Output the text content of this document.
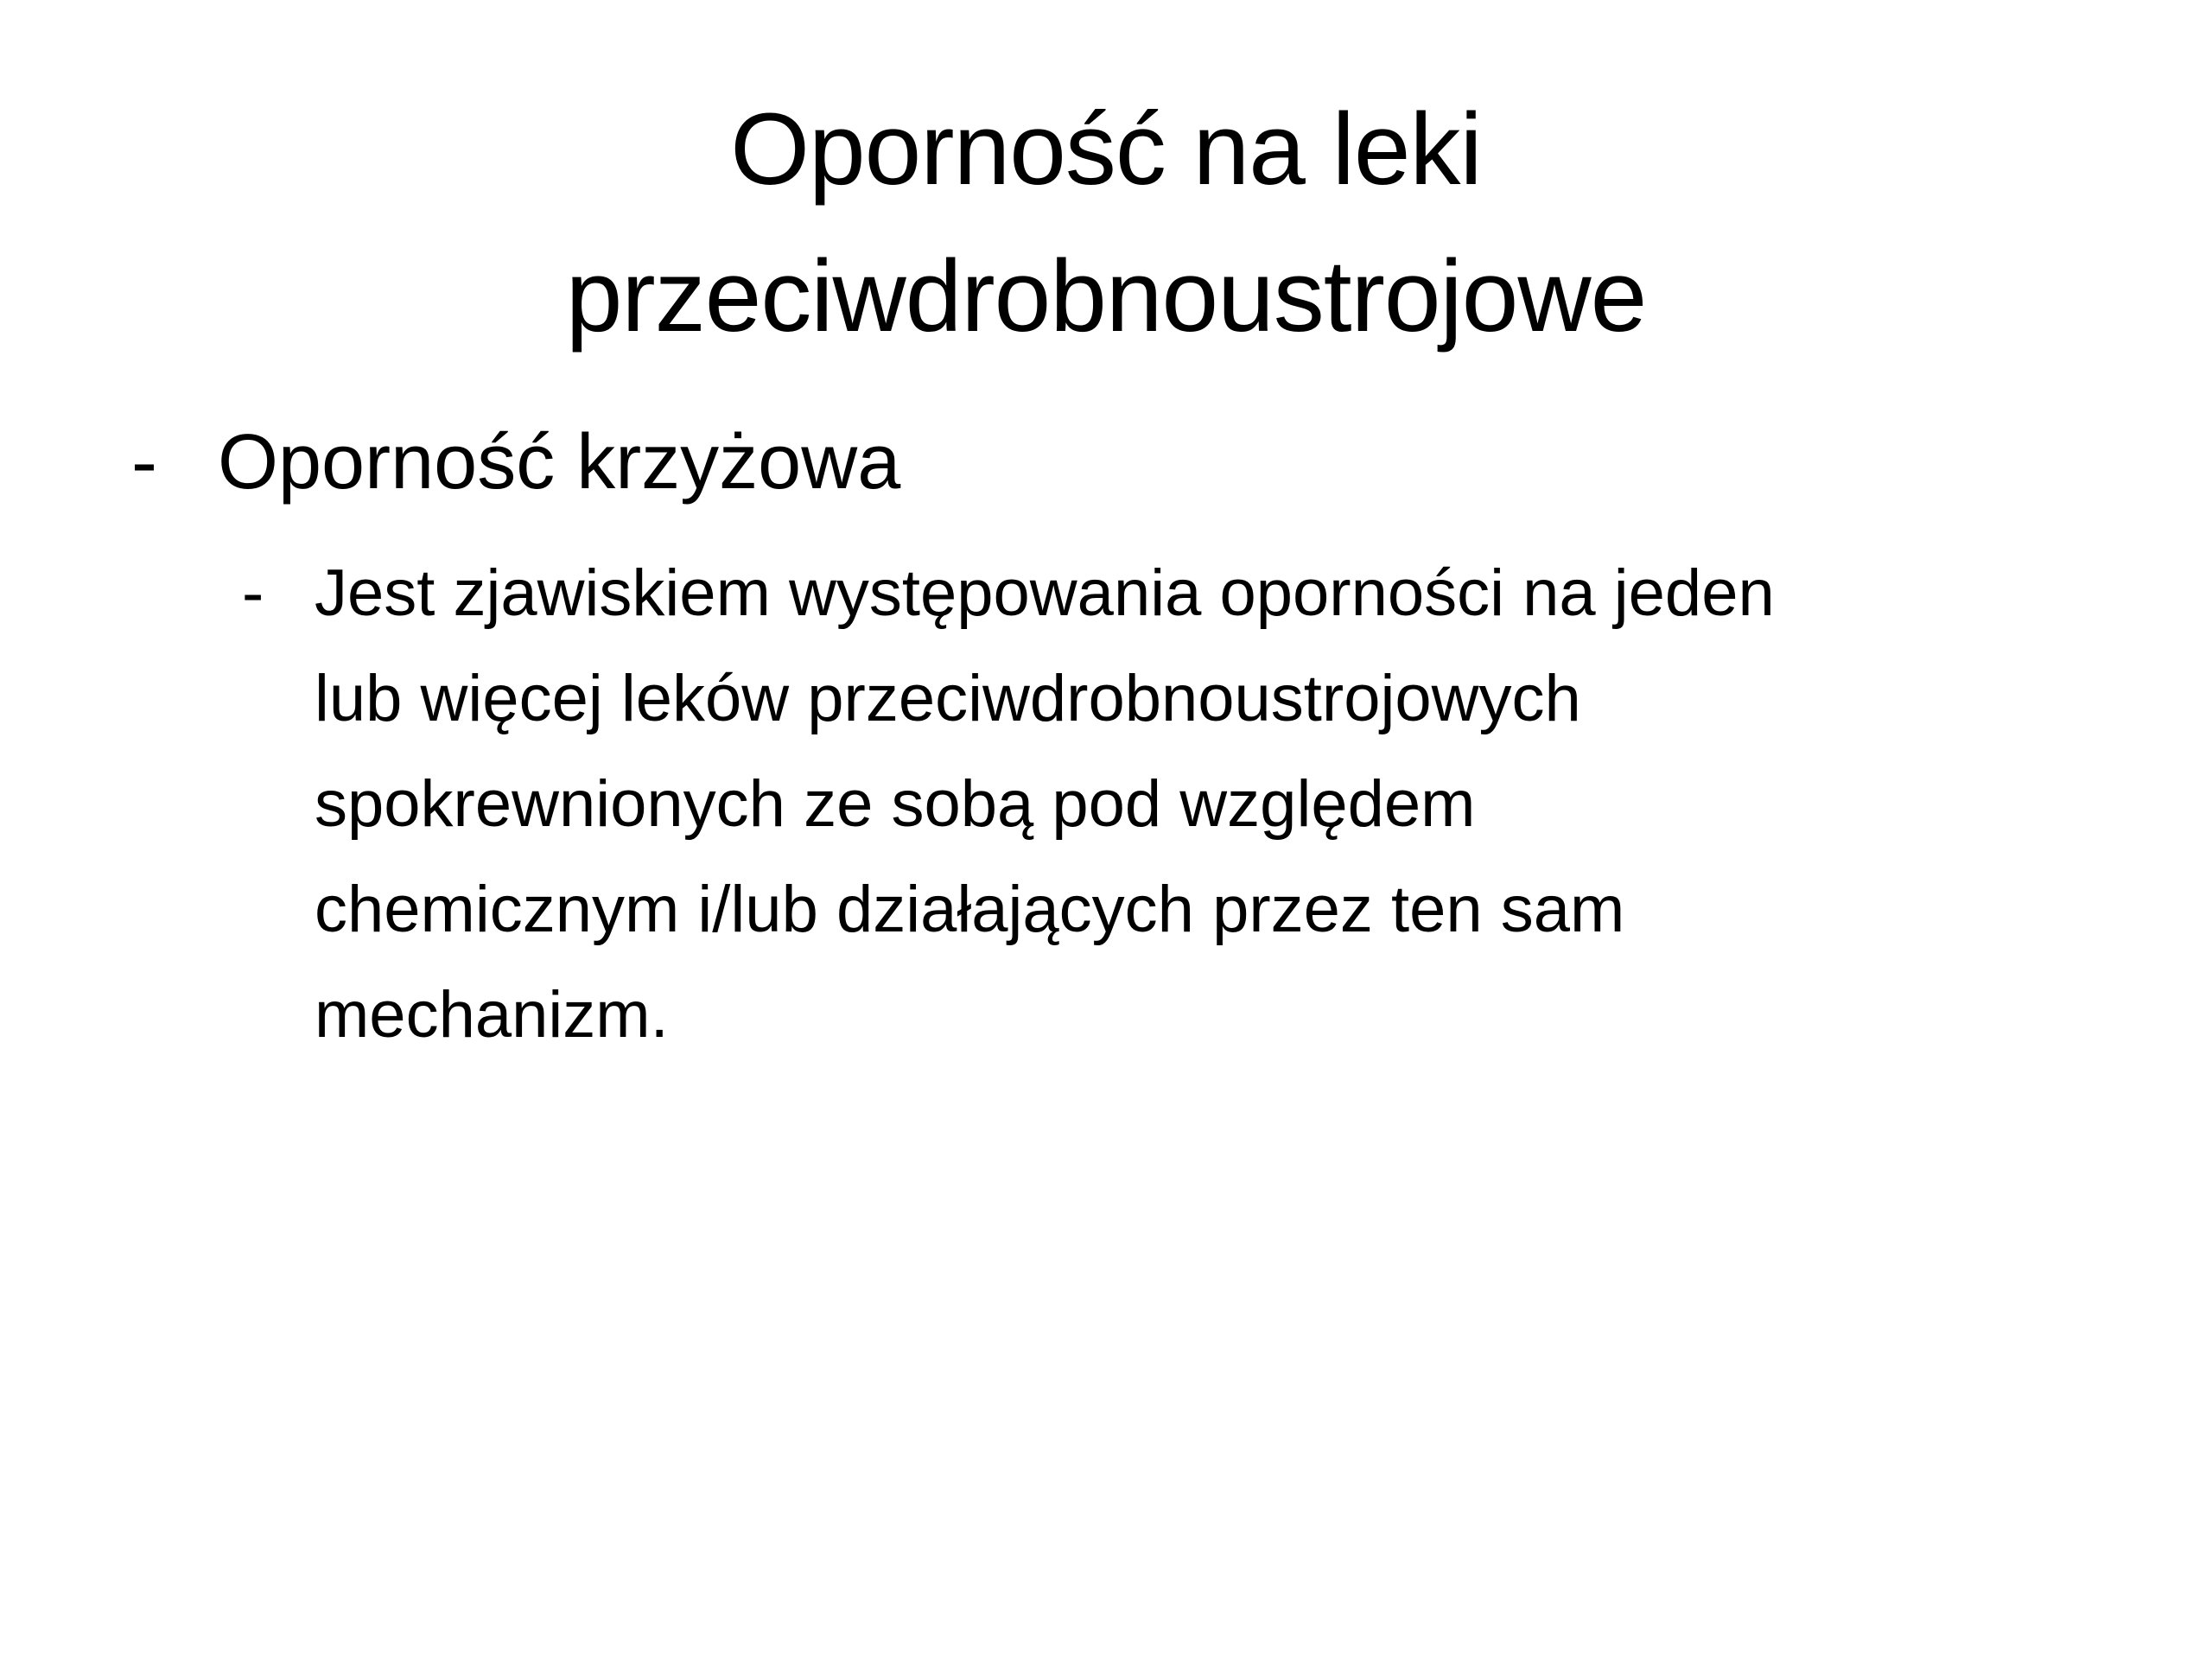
Oporność na leki
przeciwdrobnoustrojowe
- Oporność krzyżowa
- Jest zjawiskiem występowania oporności na jeden
lub więcej leków przeciwdrobnoustrojowych
spokrewnionych ze sobą pod względem
chemicznym i/lub działających przez ten sam
mechanizm.
